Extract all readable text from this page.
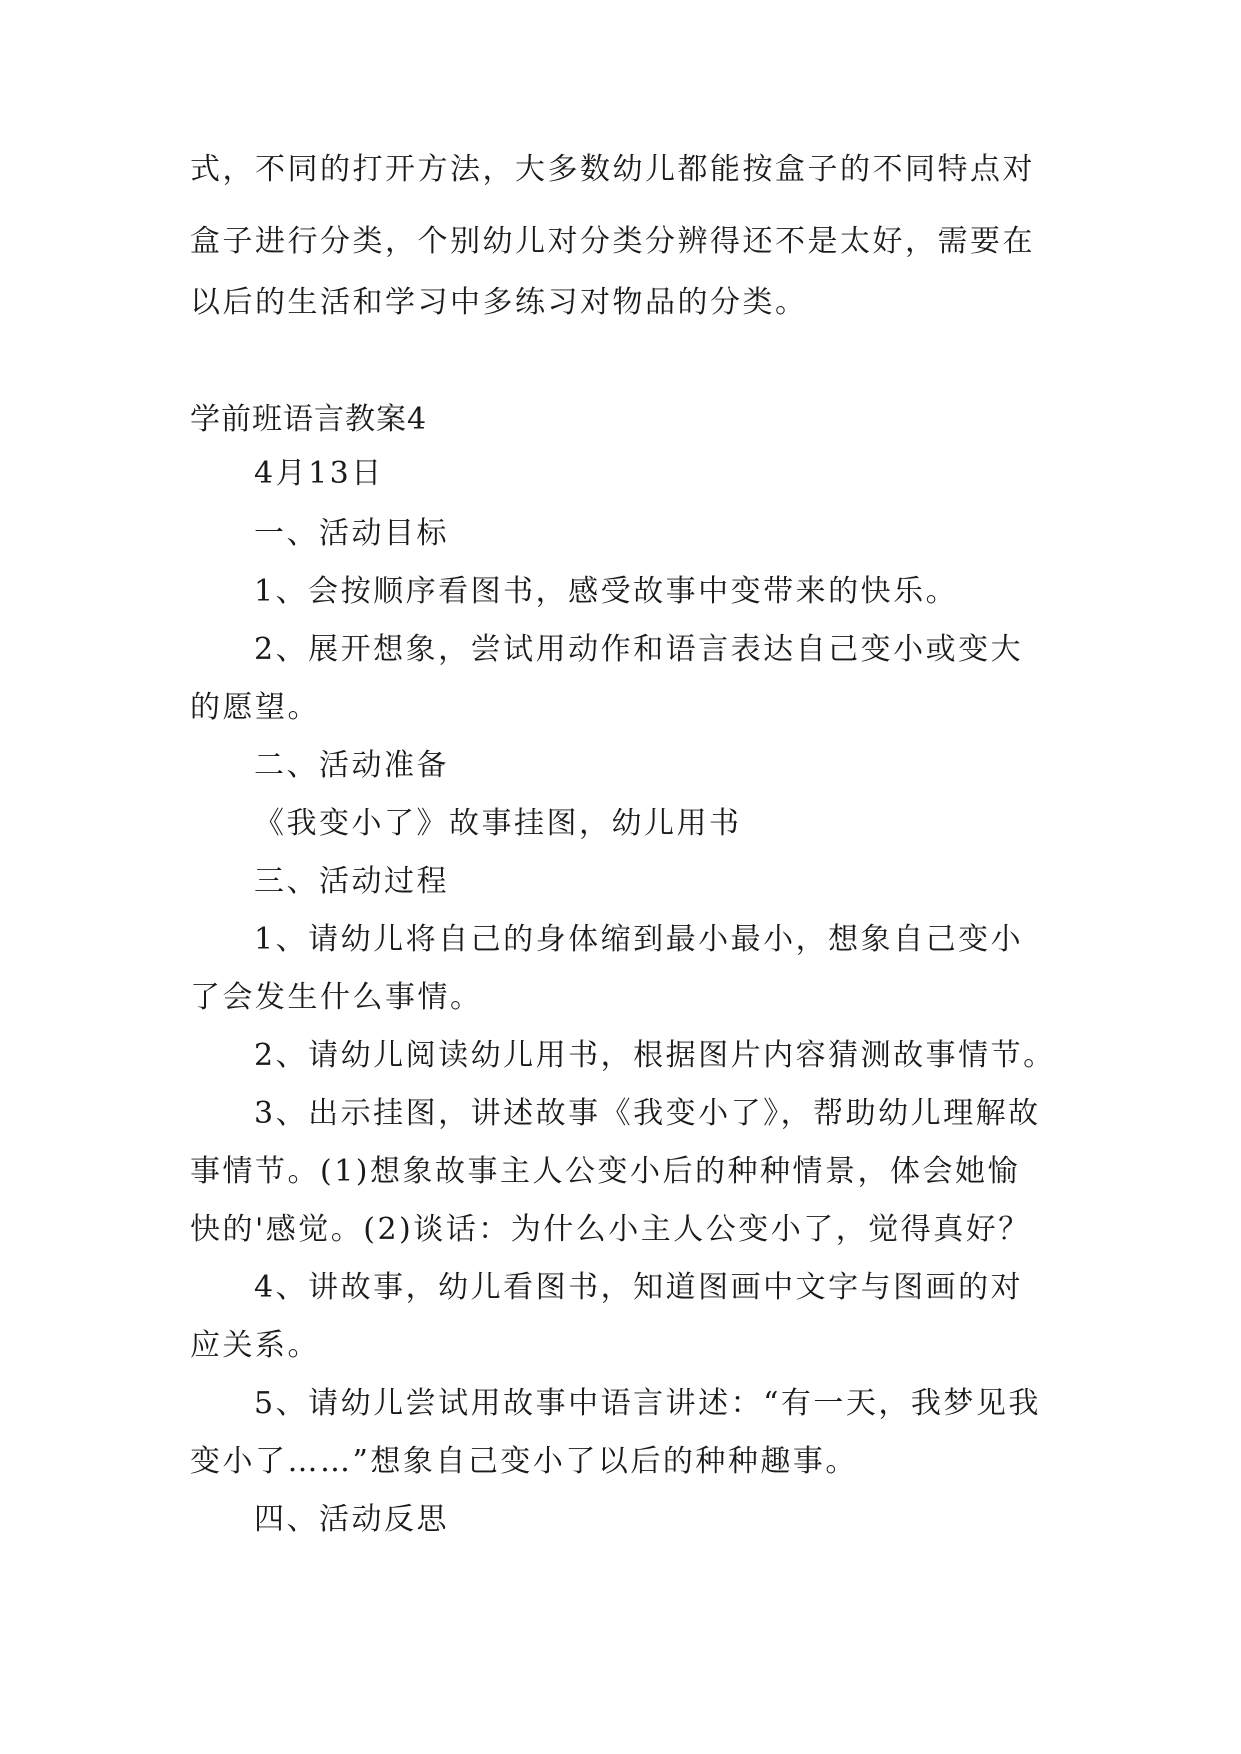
式，不同的打开方法，大多数幼儿都能按盒子的不同特点对
盒子进行分类，个别幼儿对分类分辨得还不是太好，需要在
以后的生活和学习中多练习对物品的分类。
学前班语言教案4
4月13日
一、活动目标
1、会按顺序看图书，感受故事中变带来的快乐。
2、展开想象，尝试用动作和语言表达自己变小或变大
的愿望。
二、活动准备
《我变小了》故事挂图，幼儿用书
三、活动过程
1、请幼儿将自己的身体缩到最小最小，想象自己变小
了会发生什么事情。
2、请幼儿阅读幼儿用书，根据图片内容猜测故事情节。
3、出示挂图，讲述故事《我变小了》，帮助幼儿理解故
事情节。(1)想象故事主人公变小后的种种情景，体会她愉
快的'感觉。(2)谈话：为什么小主人公变小了，觉得真好？
4、讲故事，幼儿看图书，知道图画中文字与图画的对
应关系。
5、请幼儿尝试用故事中语言讲述：“有一天，我梦见我
变小了……”想象自己变小了以后的种种趣事。
四、活动反思
